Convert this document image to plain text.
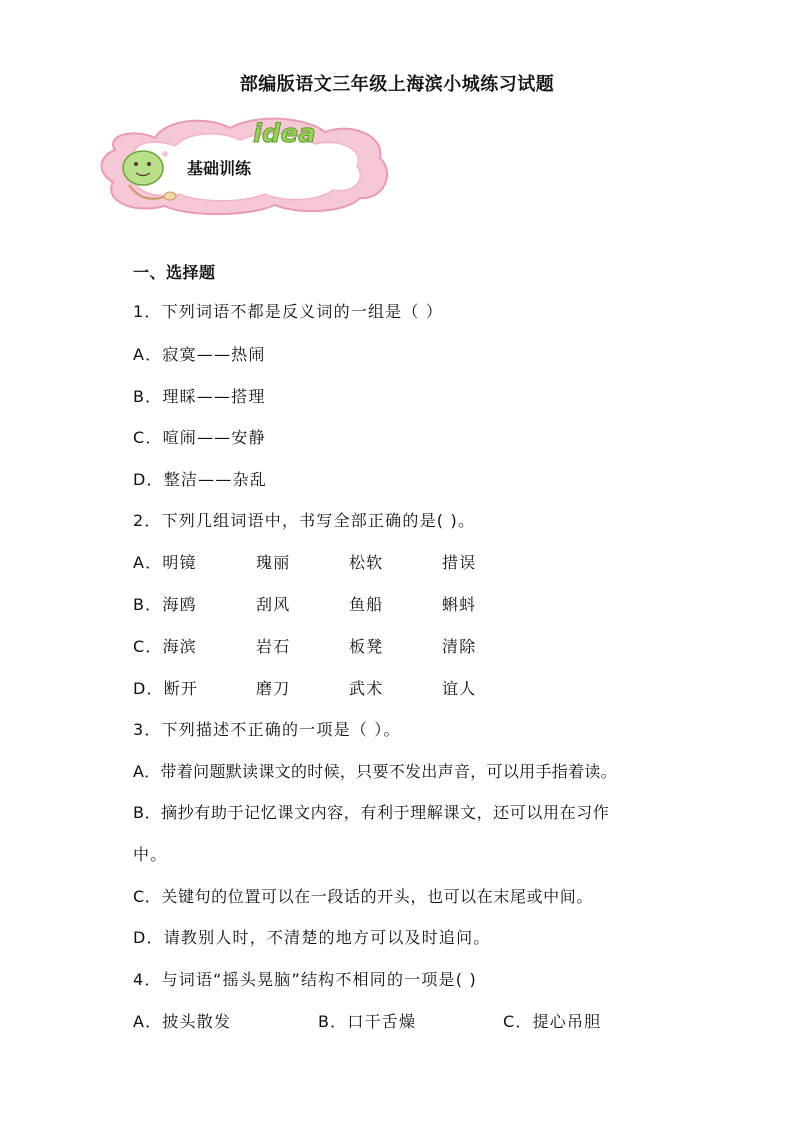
部编版语文三年级上海滨小城练习试题
idea
基础训练
一、选择题
1．下列词语不都是反义词的一组是（ ）
A．寂寞——热闹
B．理睬——搭理
C．喧闹——安静
D．整洁——杂乱
2．下列几组词语中，书写全部正确的是( )。
A．明镜	瑰丽	松软	措误
B．海鸥	刮风	鱼船	蝌蚪
C．海滨	岩石	板凳	清除
D．断开	磨刀	武术	谊人
3．下列描述不正确的一项是（ ）。
A．带着问题默读课文的时候，只要不发出声音，可以用手指着读。
B．摘抄有助于记忆课文内容，有利于理解课文，还可以用在习作
中。
C．关键句的位置可以在一段话的开头，也可以在末尾或中间。
D．请教别人时，不清楚的地方可以及时追问。
4．与词语“摇头晃脑”结构不相同的一项是( )
A．披头散发	B．口干舌燥	C．提心吊胆
